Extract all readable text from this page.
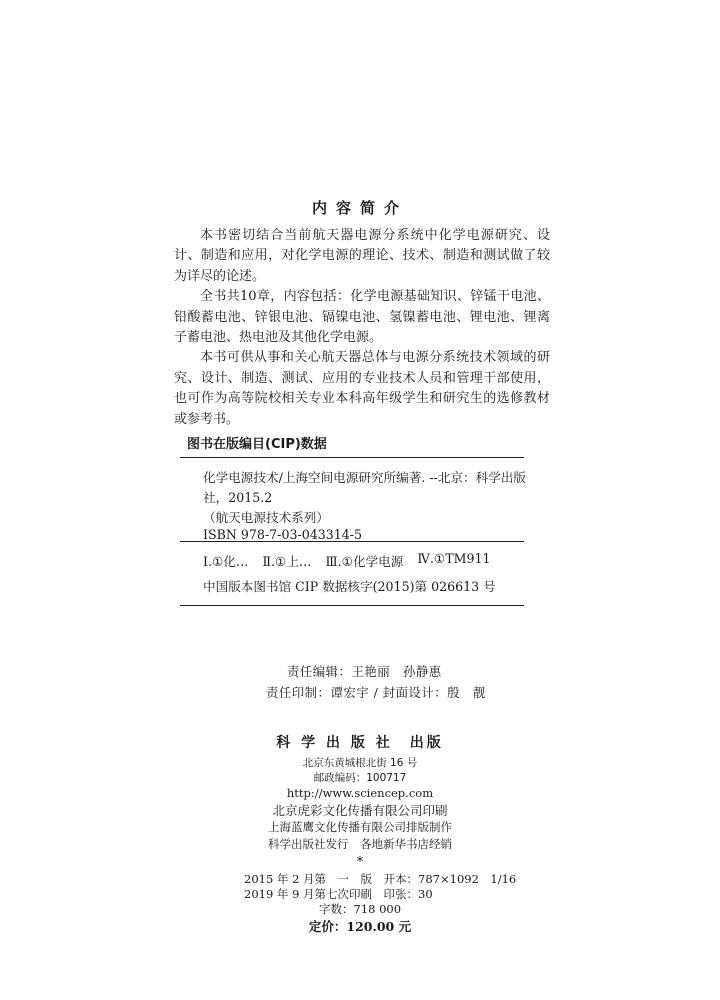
内容简介

本书密切结合当前航天器电源分系统中化学电源研究、设计、制造和应用，对化学电源的理论、技术、制造和测试做了较为详尽的论述。

全书共10章，内容包括：化学电源基础知识、锌锰干电池、铅酸蓄电池、锌银电池、镉镍电池、氢镍蓄电池、锂电池、锂离子蓄电池、热电池及其他化学电源。

本书可供从事和关心航天器总体与电源分系统技术领域的研究、设计、制造、测试、应用的专业技术人员和管理干部使用，也可作为高等院校相关专业本科高年级学生和研究生的选修教材或参考书。

图书在版编目(CIP)数据
化学电源技术/上海空间电源研究所编著. --北京：科学出版
社，2015.2
（航天电源技术系列）
ISBN 978-7-03-043314-5
Ⅰ.①化… Ⅱ.①上… Ⅲ.①化学电源 Ⅳ.①TM911
中国版本图书馆 CIP 数据核字(2015)第 026613 号
责任编辑：王艳丽　孙静惠
责任印制：谭宏宇 / 封面设计：殷　靓
科 学 出 版 社　出版
北京东黄城根北街 16 号
邮政编码：100717
http://www.sciencep.com
北京虎彩文化传播有限公司印刷
上海蓝鹰文化传播有限公司排版制作
科学出版社发行　各地新华书店经销
*
2015 年 2 月第　一　版　开本：787×1092　1/16
2019 年 9 月第七次印刷　印张：30
字数：718 000
定价：120.00 元
